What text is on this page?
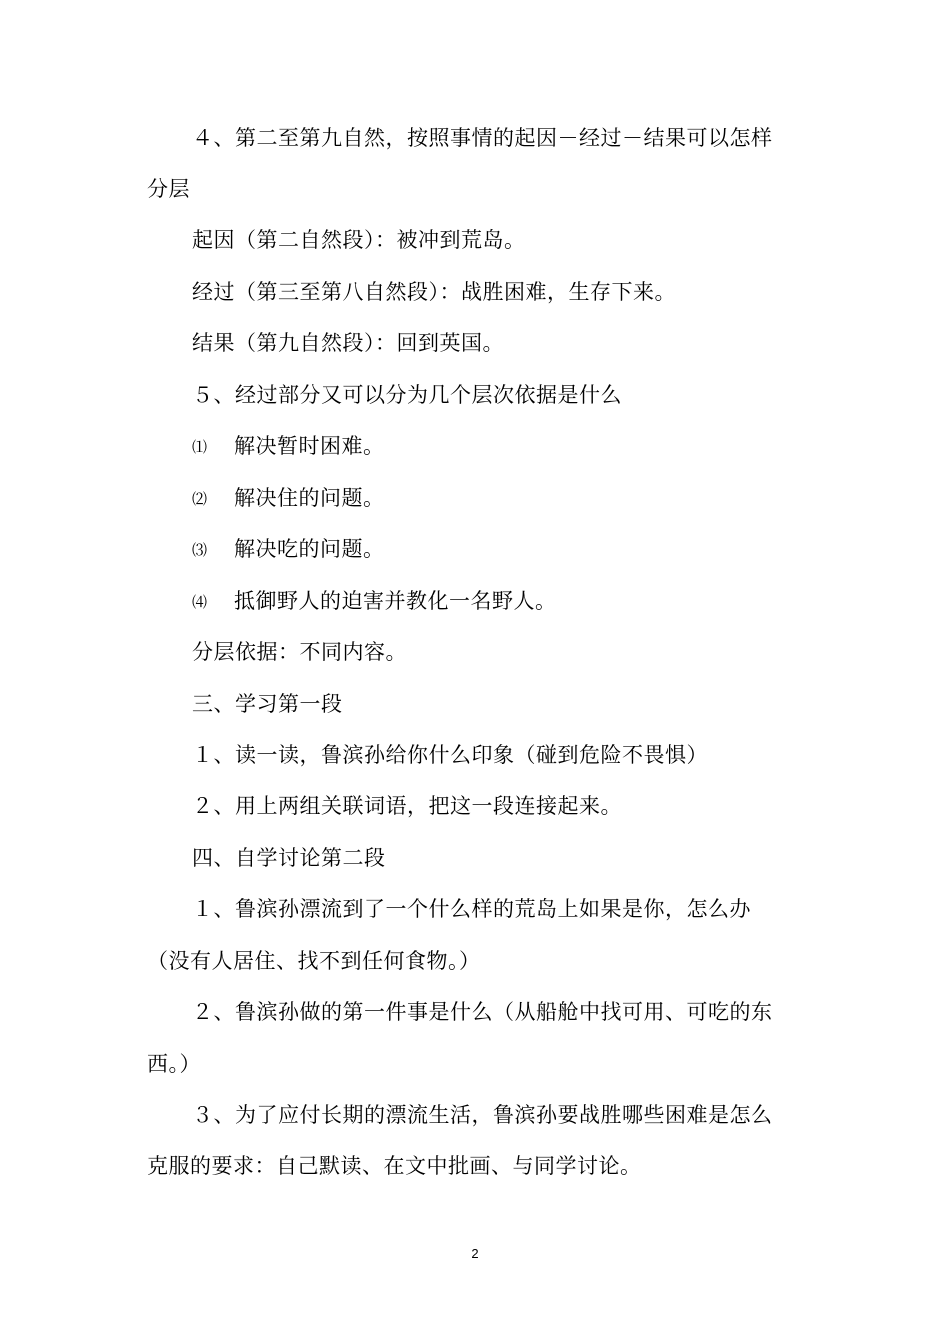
４、第二至第九自然，按照事情的起因－经过－结果可以怎样
分层
起因（第二自然段）：被冲到荒岛。
经过（第三至第八自然段）：战胜困难，生存下来。
结果（第九自然段）：回到英国。
５、经过部分又可以分为几个层次依据是什么
⑴ 解决暂时困难。
⑵ 解决住的问题。
⑶ 解决吃的问题。
⑷ 抵御野人的迫害并教化一名野人。
分层依据：不同内容。
三、学习第一段
１、读一读，鲁滨孙给你什么印象（碰到危险不畏惧）
２、用上两组关联词语，把这一段连接起来。
四、自学讨论第二段
１、鲁滨孙漂流到了一个什么样的荒岛上如果是你，怎么办
（没有人居住、找不到任何食物。）
２、鲁滨孙做的第一件事是什么（从船舱中找可用、可吃的东
西。）
３、为了应付长期的漂流生活，鲁滨孙要战胜哪些困难是怎么
克服的要求：自己默读、在文中批画、与同学讨论。
2
